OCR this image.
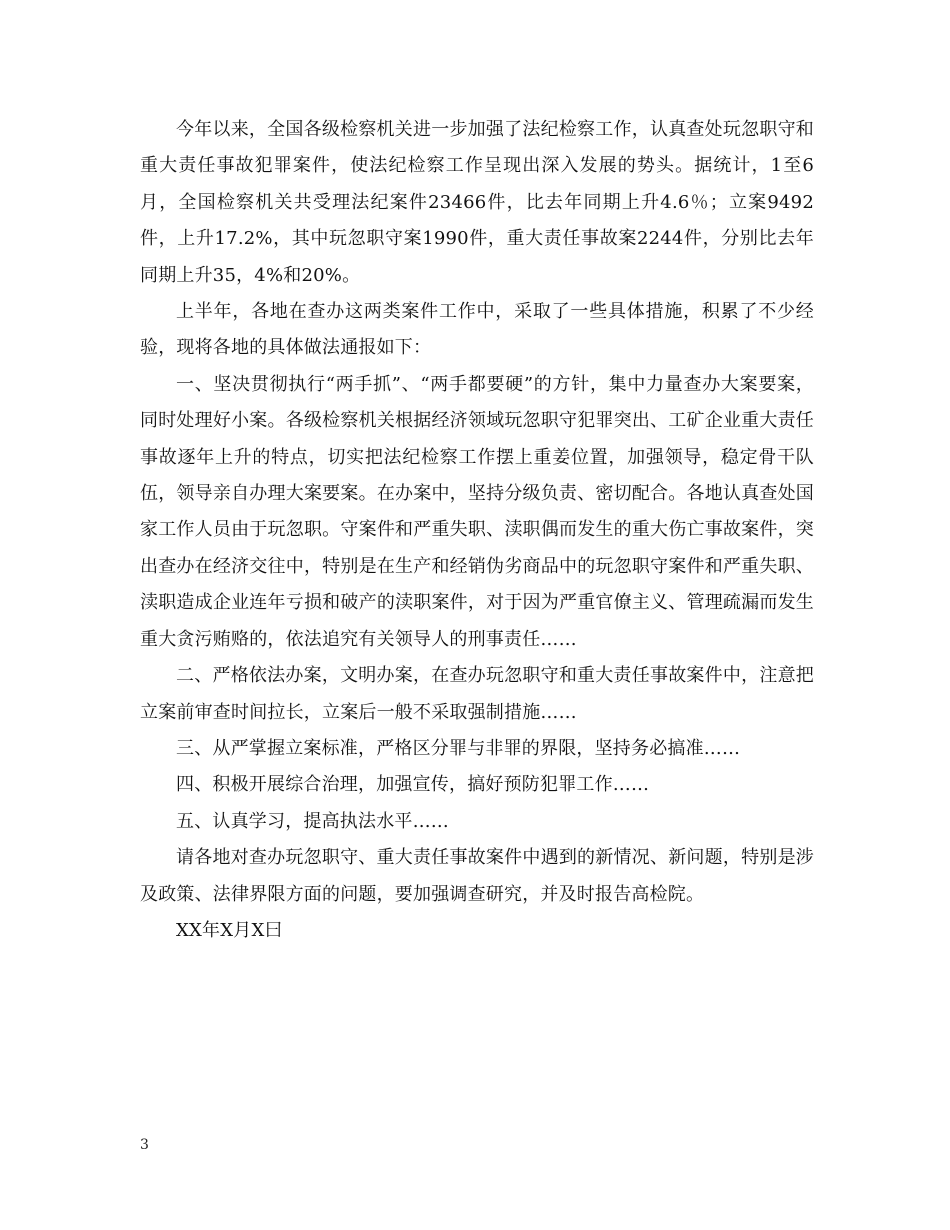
今年以来，全国各级检察机关进一步加强了法纪检察工作，认真查处玩忽职守和重大责任事故犯罪案件，使法纪检察工作呈现出深入发展的势头。据统计，1至6月，全国检察机关共受理法纪案件23466件，比去年同期上升4.6％；立案9492件，上升17.2%，其中玩忽职守案1990件，重大责任事故案2244件，分别比去年同期上升35，4%和20%。

上半年，各地在查办这两类案件工作中，采取了一些具体措施，积累了不少经验，现将各地的具体做法通报如下：

一、坚决贯彻执行“两手抓”、“两手都要硬”的方针，集中力量查办大案要案，同时处理好小案。各级检察机关根据经济领域玩忽职守犯罪突出、工矿企业重大责任事故逐年上升的特点，切实把法纪检察工作摆上重姜位置，加强领导，稳定骨干队伍，领导亲自办理大案要案。在办案中，坚持分级负责、密切配合。各地认真查处国家工作人员由于玩忽职。守案件和严重失职、渎职偶而发生的重大伤亡事故案件，突出查办在经济交往中，特别是在生产和经销伪劣商品中的玩忽职守案件和严重失职、渎职造成企业连年亏损和破产的渎职案件，对于因为严重官僚主义、管理疏漏而发生重大贪污贿赂的，依法追究有关领导人的刑事责任……

二、严格依法办案，文明办案，在查办玩忽职守和重大责任事故案件中，注意把立案前审查时间拉长，立案后一般不采取强制措施……

三、从严掌握立案标准，严格区分罪与非罪的界限，坚持务必搞准……

四、积极开展综合治理，加强宣传，搞好预防犯罪工作……

五、认真学习，提高执法水平……

请各地对查办玩忽职守、重大责任事故案件中遇到的新情况、新问题，特别是涉及政策、法律界限方面的问题，要加强调查研究，并及时报告高检院。

XX年X月X曰

3
